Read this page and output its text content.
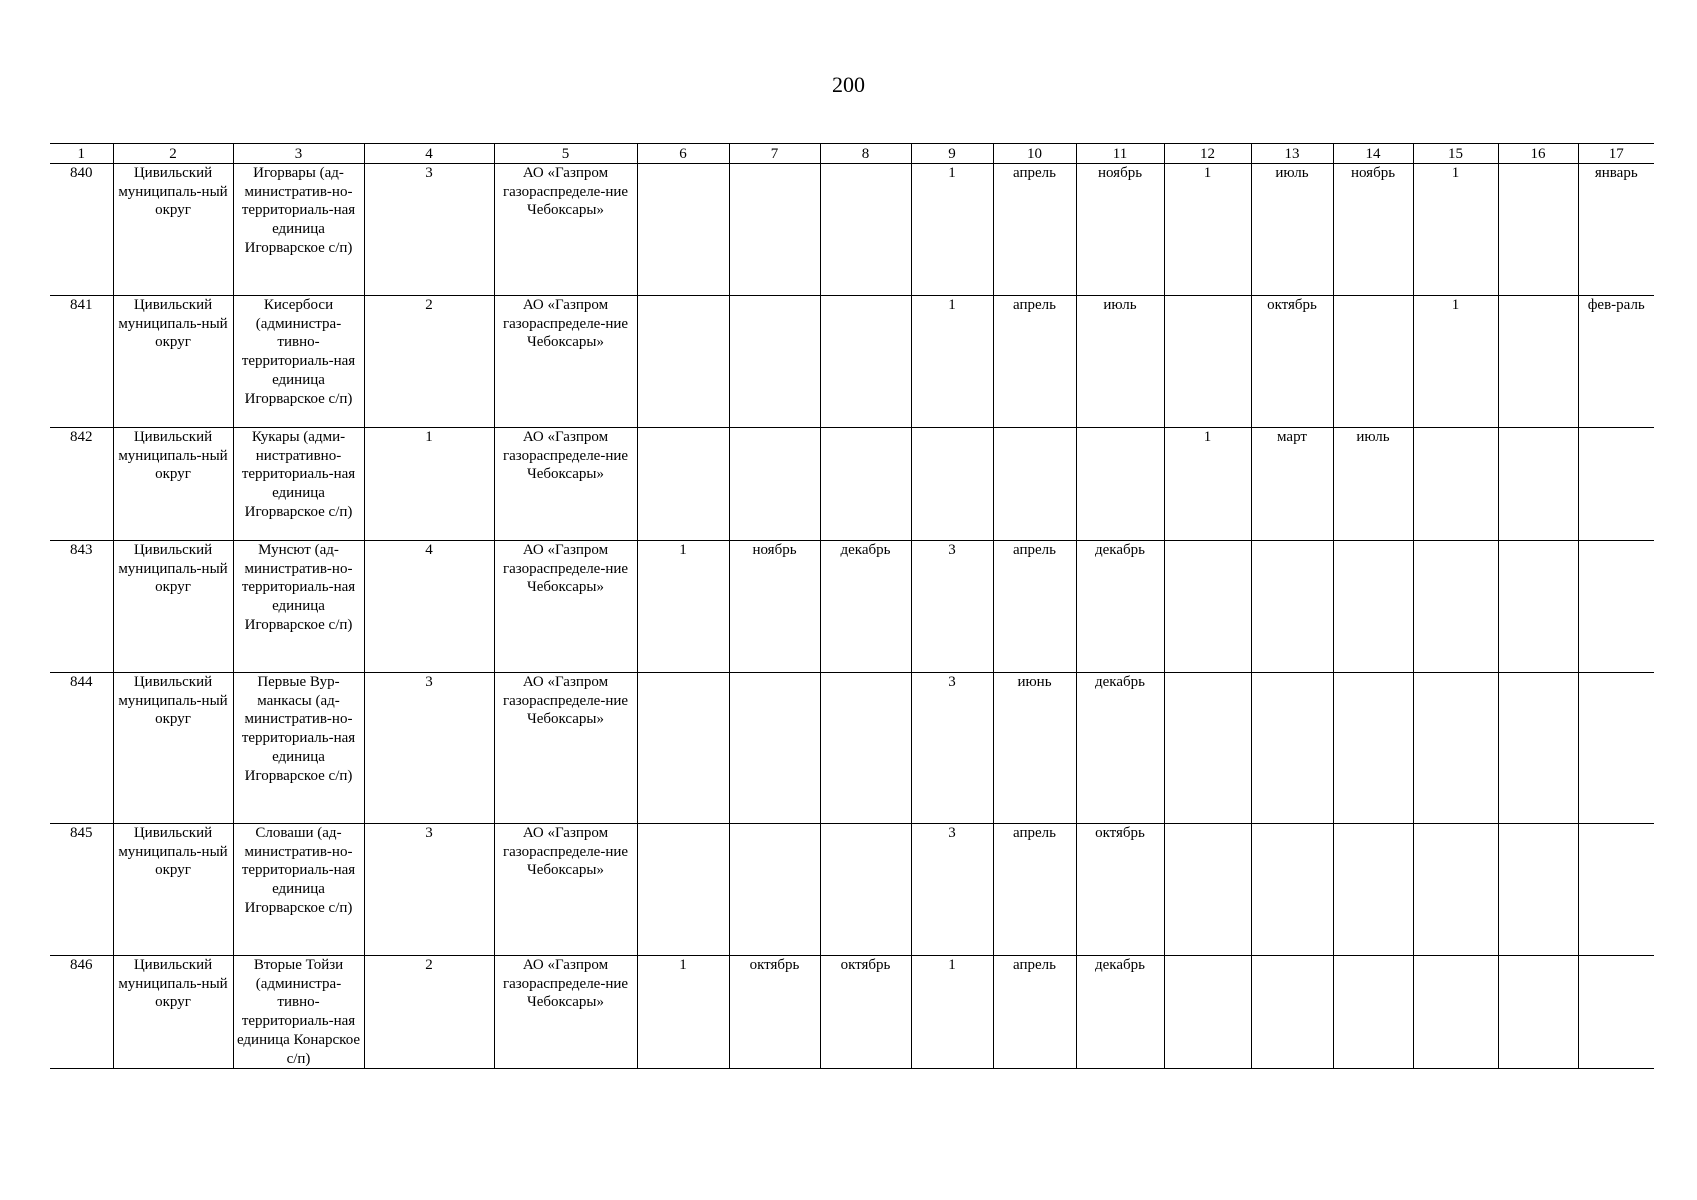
200
1	2	3	4	5	6	7	8	9	10	11	12	13	14	15	16	17
840	Цивильский муниципаль-ный округ	Игорвары (ад-министратив-но-территориаль-ная единица Игорварское с/п)	3	АО «Газпром газораспределе-ние Чебоксары»				1	апрель	ноябрь	1	июль	ноябрь	1		январь
841	Цивильский муниципаль-ный округ	Кисербоси (администра-тивно-территориаль-ная единица Игорварское с/п)	2	АО «Газпром газораспределе-ние Чебоксары»				1	апрель	июль		октябрь		1		фев-раль
842	Цивильский муниципаль-ный округ	Кукары (адми-нистративно-территориаль-ная единица Игорварское с/п)	1	АО «Газпром газораспределе-ние Чебоксары»							1	март	июль			
843	Цивильский муниципаль-ный округ	Мунсют (ад-министратив-но-территориаль-ная единица Игорварское с/п)	4	АО «Газпром газораспределе-ние Чебоксары»	1	ноябрь	декабрь	3	апрель	декабрь						
844	Цивильский муниципаль-ный округ	Первые Вур-манкасы (ад-министратив-но-территориаль-ная единица Игорварское с/п)	3	АО «Газпром газораспределе-ние Чебоксары»				3	июнь	декабрь						
845	Цивильский муниципаль-ный округ	Словаши (ад-министратив-но-территориаль-ная единица Игорварское с/п)	3	АО «Газпром газораспределе-ние Чебоксары»				3	апрель	октябрь						
846	Цивильский муниципаль-ный округ	Вторые Тойзи (администра-тивно-территориаль-ная единица Конарское с/п)	2	АО «Газпром газораспределе-ние Чебоксары»	1	октябрь	октябрь	1	апрель	декабрь						
